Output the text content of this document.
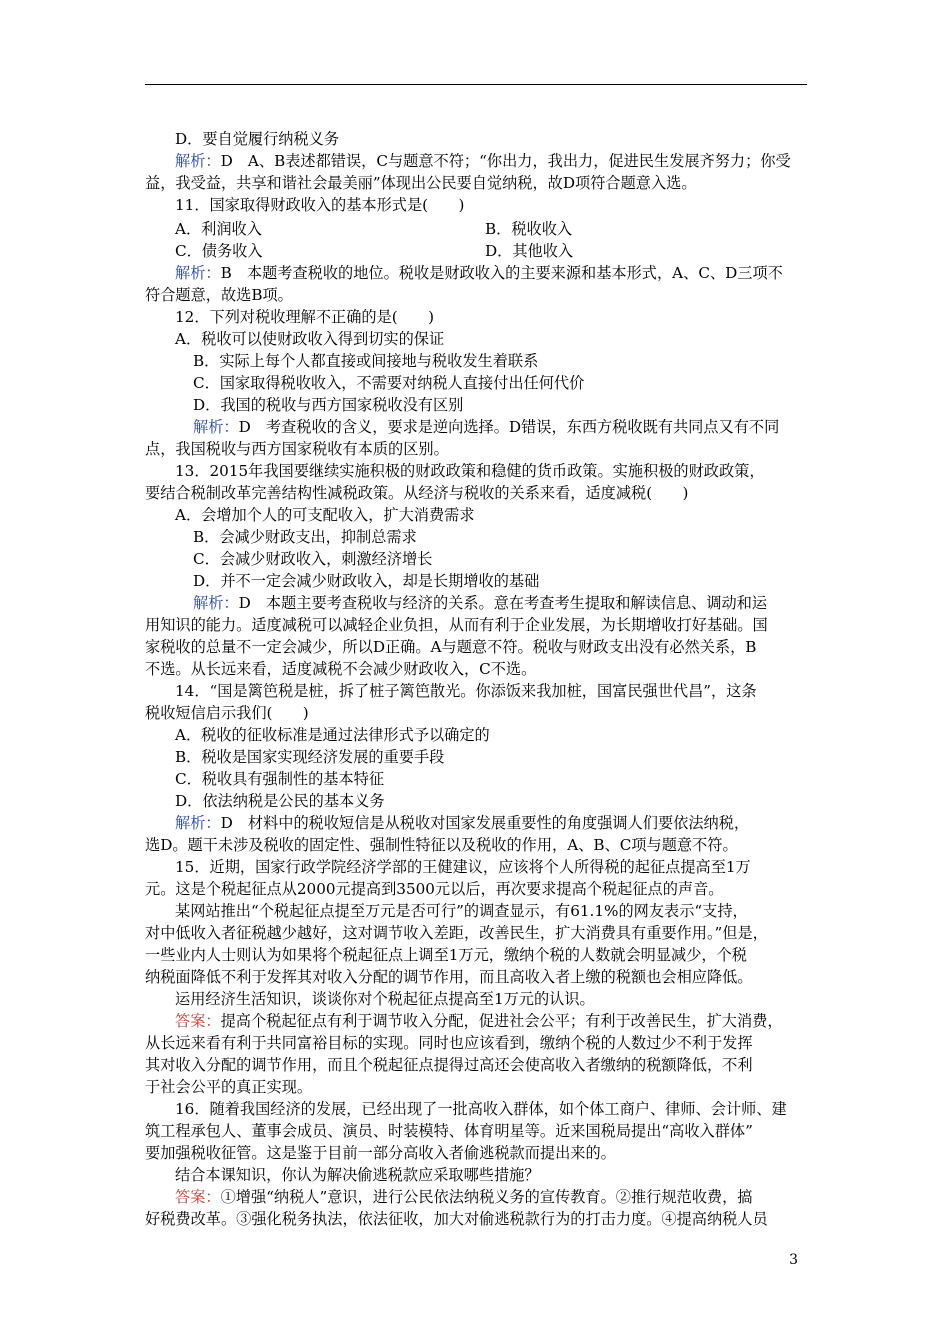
D．要自觉履行纳税义务
解析：D　A、B表述都错误，C与题意不符；“你出力，我出力，促进民生发展齐努力；你受
益，我受益，共享和谐社会最美丽”体现出公民要自觉纳税，故D项符合题意入选。
11．国家取得财政收入的基本形式是(　　)
A．利润收入	B．税收收入
C．债务收入	D．其他收入
解析：B　本题考查税收的地位。税收是财政收入的主要来源和基本形式，A、C、D三项不
符合题意，故选B项。
12．下列对税收理解不正确的是(　　)
A．税收可以使财政收入得到切实的保证
B．实际上每个人都直接或间接地与税收发生着联系
C．国家取得税收收入，不需要对纳税人直接付出任何代价
D．我国的税收与西方国家税收没有区别
解析：D　考查税收的含义，要求是逆向选择。D错误，东西方税收既有共同点又有不同
点，我国税收与西方国家税收有本质的区别。
13．2015年我国要继续实施积极的财政政策和稳健的货币政策。实施积极的财政政策，
要结合税制改革完善结构性减税政策。从经济与税收的关系来看，适度减税(　　)
A．会增加个人的可支配收入，扩大消费需求
B．会减少财政支出，抑制总需求
C．会减少财政收入，刺激经济增长
D．并不一定会减少财政收入，却是长期增收的基础
解析：D　本题主要考查税收与经济的关系。意在考查考生提取和解读信息、调动和运
用知识的能力。适度减税可以减轻企业负担，从而有利于企业发展，为长期增收打好基础。国
家税收的总量不一定会减少，所以D正确。A与题意不符。税收与财政支出没有必然关系，B
不选。从长远来看，适度减税不会减少财政收入，C不选。
14．“国是篱笆税是桩，拆了桩子篱笆散光。你添饭来我加桩，国富民强世代昌”，这条
税收短信启示我们(　　)
A．税收的征收标准是通过法律形式予以确定的
B．税收是国家实现经济发展的重要手段
C．税收具有强制性的基本特征
D．依法纳税是公民的基本义务
解析：D　材料中的税收短信是从税收对国家发展重要性的角度强调人们要依法纳税，
选D。题干未涉及税收的固定性、强制性特征以及税收的作用，A、B、C项与题意不符。
15．近期，国家行政学院经济学部的王健建议，应该将个人所得税的起征点提高至1万
元。这是个税起征点从2000元提高到3500元以后，再次要求提高个税起征点的声音。
某网站推出“个税起征点提至万元是否可行”的调查显示，有61.1%的网友表示“支持，
对中低收入者征税越少越好，这对调节收入差距，改善民生，扩大消费具有重要作用。”但是，
一些业内人士则认为如果将个税起征点上调至1万元，缴纳个税的人数就会明显减少，个税
纳税面降低不利于发挥其对收入分配的调节作用，而且高收入者上缴的税额也会相应降低。
运用经济生活知识，谈谈你对个税起征点提高至1万元的认识。
答案：提高个税起征点有利于调节收入分配，促进社会公平；有利于改善民生，扩大消费，
从长远来看有利于共同富裕目标的实现。同时也应该看到，缴纳个税的人数过少不利于发挥
其对收入分配的调节作用，而且个税起征点提得过高还会使高收入者缴纳的税额降低，不利
于社会公平的真正实现。
16．随着我国经济的发展，已经出现了一批高收入群体，如个体工商户、律师、会计师、建
筑工程承包人、董事会成员、演员、时装模特、体育明星等。近来国税局提出“高收入群体”
要加强税收征管。这是鉴于目前一部分高收入者偷逃税款而提出来的。
结合本课知识，你认为解决偷逃税款应采取哪些措施？
答案：①增强“纳税人”意识，进行公民依法纳税义务的宣传教育。②推行规范收费，搞
好税费改革。③强化税务执法，依法征收，加大对偷逃税款行为的打击力度。④提高纳税人员
3
